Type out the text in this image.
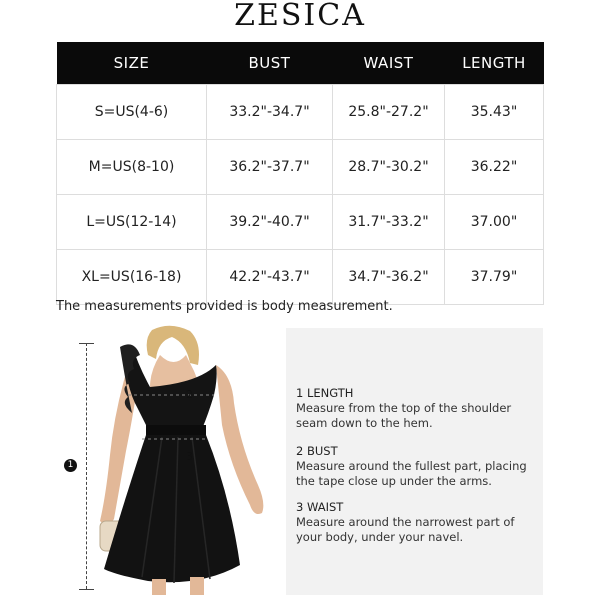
ZESICA
SIZE	BUST	WAIST	LENGTH
S=US(4-6)	33.2"-34.7"	25.8"-27.2"	35.43"
M=US(8-10)	36.2"-37.7"	28.7"-30.2"	36.22"
L=US(12-14)	39.2"-40.7"	31.7"-33.2"	37.00"
XL=US(16-18)	42.2"-43.7"	34.7"-36.2"	37.79"
The measurements provided is body measurement.
1
2
3
1 LENGTH
Measure from the top of the shoulder
seam down to the hem.
2 BUST
Measure around the fullest part, placing
the tape close up under the arms.
3 WAIST
Measure around the narrowest part of
your body, under your navel.
